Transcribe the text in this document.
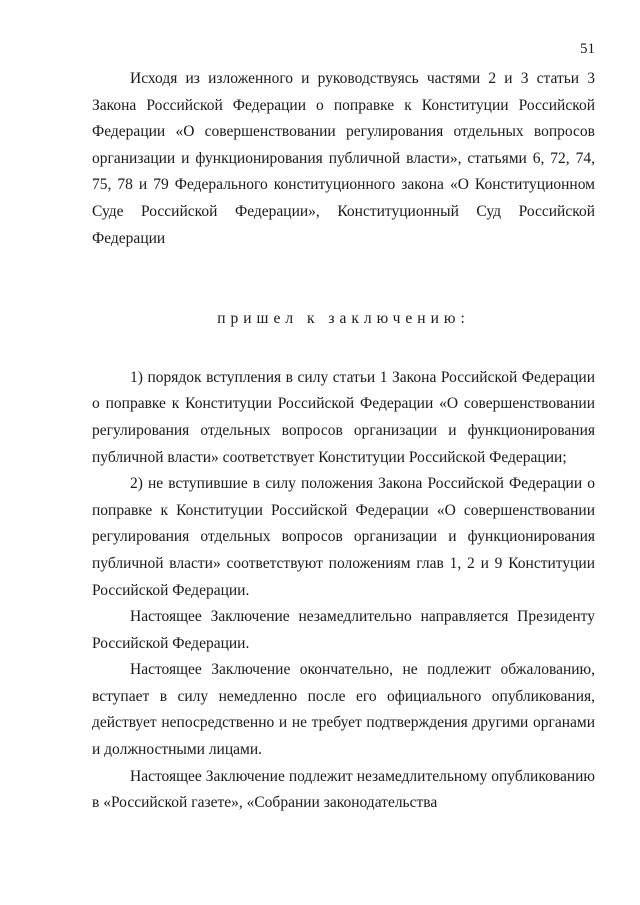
51

Исходя из изложенного и руководствуясь частями 2 и 3 статьи 3 Закона Российской Федерации о поправке к Конституции Российской Федерации «О совершенствовании регулирования отдельных вопросов организации и функционирования публичной власти», статьями 6, 72, 74, 75, 78 и 79 Федерального конституционного закона «О Конституционном Суде Российской Федерации», Конституционный Суд Российской Федерации

пришел к заключению:

1) порядок вступления в силу статьи 1 Закона Российской Федерации о поправке к Конституции Российской Федерации «О совершенствовании регулирования отдельных вопросов организации и функционирования публичной власти» соответствует Конституции Российской Федерации;

2) не вступившие в силу положения Закона Российской Федерации о поправке к Конституции Российской Федерации «О совершенствовании регулирования отдельных вопросов организации и функционирования публичной власти» соответствуют положениям глав 1, 2 и 9 Конституции Российской Федерации.

Настоящее Заключение незамедлительно направляется Президенту Российской Федерации.

Настоящее Заключение окончательно, не подлежит обжалованию, вступает в силу немедленно после его официального опубликования, действует непосредственно и не требует подтверждения другими органами и должностными лицами.

Настоящее Заключение подлежит незамедлительному опубликованию в «Российской газете», «Собрании законодательства
